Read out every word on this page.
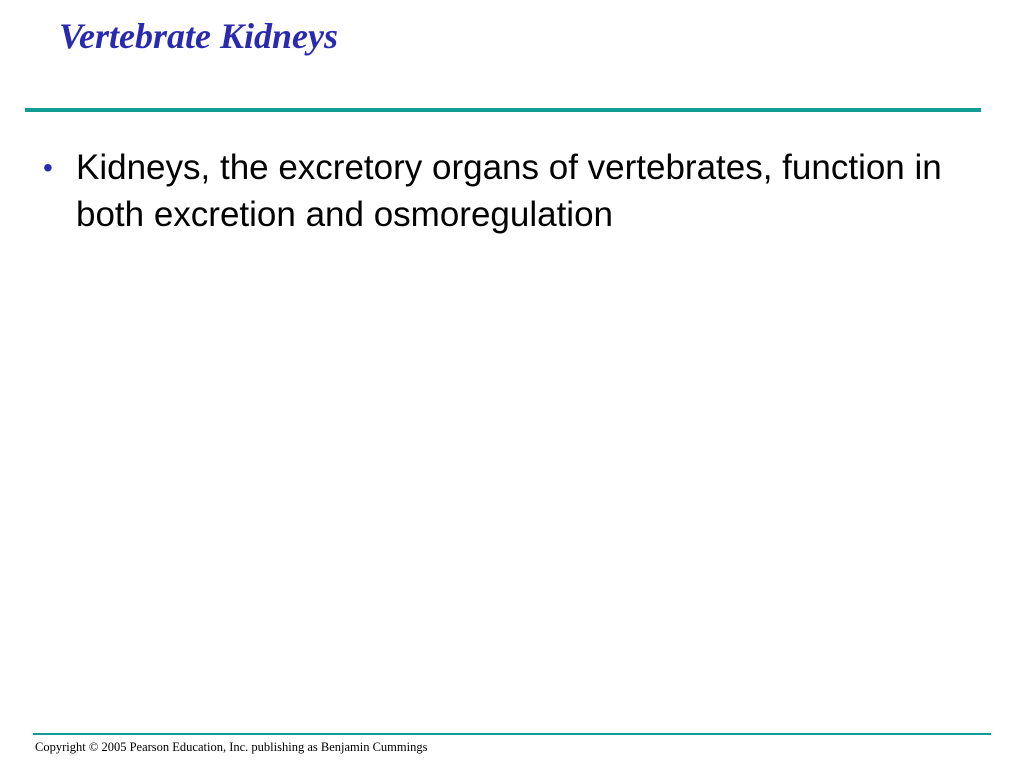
Vertebrate Kidneys
• Kidneys, the excretory organs of vertebrates, function in both excretion and osmoregulation
Copyright © 2005 Pearson Education, Inc. publishing as Benjamin Cummings
